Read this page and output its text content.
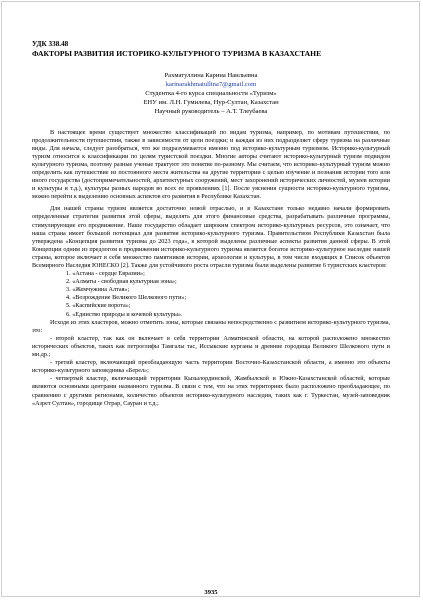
УДК 338.48
ФАКТОРЫ РАЗВИТИЯ ИСТОРИКО-КУЛЬТУРНОГО ТУРИЗМА В КАЗАХСТАНЕ
Рахматуллина Карина Наильевна
karinarakhmatullina7@gmail.com
Студентка 4-го курса специальности «Туризм»
ЕНУ им. Л.Н. Гумилева, Нур-Султан, Казахстан
Научный руководитель – А.Т. Тлеубаева

В настоящее время существует множество классификаций по видам туризма, например, по мотивам путешествия, по продолжительности путешествия, также в зависимости от цели поездки; и каждая из них подразделяет сферу туризма на различные виды. Для начала, следует разобраться, что же подразумевается именно под историко-культурным туризмом. Историко-культурный туризм относится к классификации по целям туристской поездки. Многие авторы считают историко-культурный туризм подвидом культурного туризма, поэтому разные ученые трактуют это понятие по-разному. Мы считаем, что историко-культурный туризм можно определить как путешествие из постоянного места жительства на другие территории с целью изучение и познания истории того или иного государства (достопримечательностей, архитектурных сооружений, мест захоронений исторических личностей, музеев истории и культуры и т.д.), культуры разных народов во всех ее проявлениях [1]. После уяснения сущности историко-культурного туризма, можно перейти к выделению основных аспектов его развития в Республике Казахстан.

Для нашей страны туризм является достаточно новой отраслью, и в Казахстане только недавно начали формировать определенные стратегии развития этой сферы, выделять для этого финансовые средства, разрабатывать различные программы, стимулирующие его продвижение. Наше государство обладает широким спектром историко-культурных ресурсов, это означает, что наша страна имеет большой потенциал для развития историко-культурного туризма. Правительством Республики Казахстан была утверждена «Концепция развития туризма до 2023 года», в которой выделены различные аспекты развития данной сферы. В этой Концепции одним из предлогом в продвижении историко-культурного туризма является богатое историко-культурное наследие нашей страны, которое включает в себя множество памятников истории, археологии и культуры, в том числе входящих в Список объектов Всемирного Наследия ЮНЕСКО [2]. Также для устойчивого роста отрасли туризма были выделены развитие 6 туристских кластеров:

1. «Астана - сердце Евразии»;
2. «Алматы - свободная культурная зона»;
3. «Жемчужина Алтая»;
4. «Возрождение Великого Шелкового пути»;
5. «Каспийские ворота»;
6. «Единство природы и кочевой культуры».

Исходя из этих кластеров, можно отметить зоны, которые связаны непосредственно с развитием историко-культурного туризма, это:

- второй кластер, так как он включает в себя территории Алматинской области, на которой расположено множество исторических объектов, таких как петроглифы Тамгалы тас, Иссыкские курганы и древние городища Великого Шелкового пути и мн.др.;

- третий кластер, включающий преобладающую часть территории Восточно-Казахстанской области, а именно это объекты историко-культурного заповедника «Берел»;

- четвертый кластер, включающий территории Кызылординской, Жамбылской и Южно-Казахстанской областей, которые являются основными центрами названного туризма. В связи с тем, что на этих территориях было расположено преобладающее, по сравнению с другими регионами, количество объектов историко-культурного наследия, таких как г. Туркестан, музей-заповедник «Азрет Султан», городище Отрар, Сауран и т.д.;

3935
